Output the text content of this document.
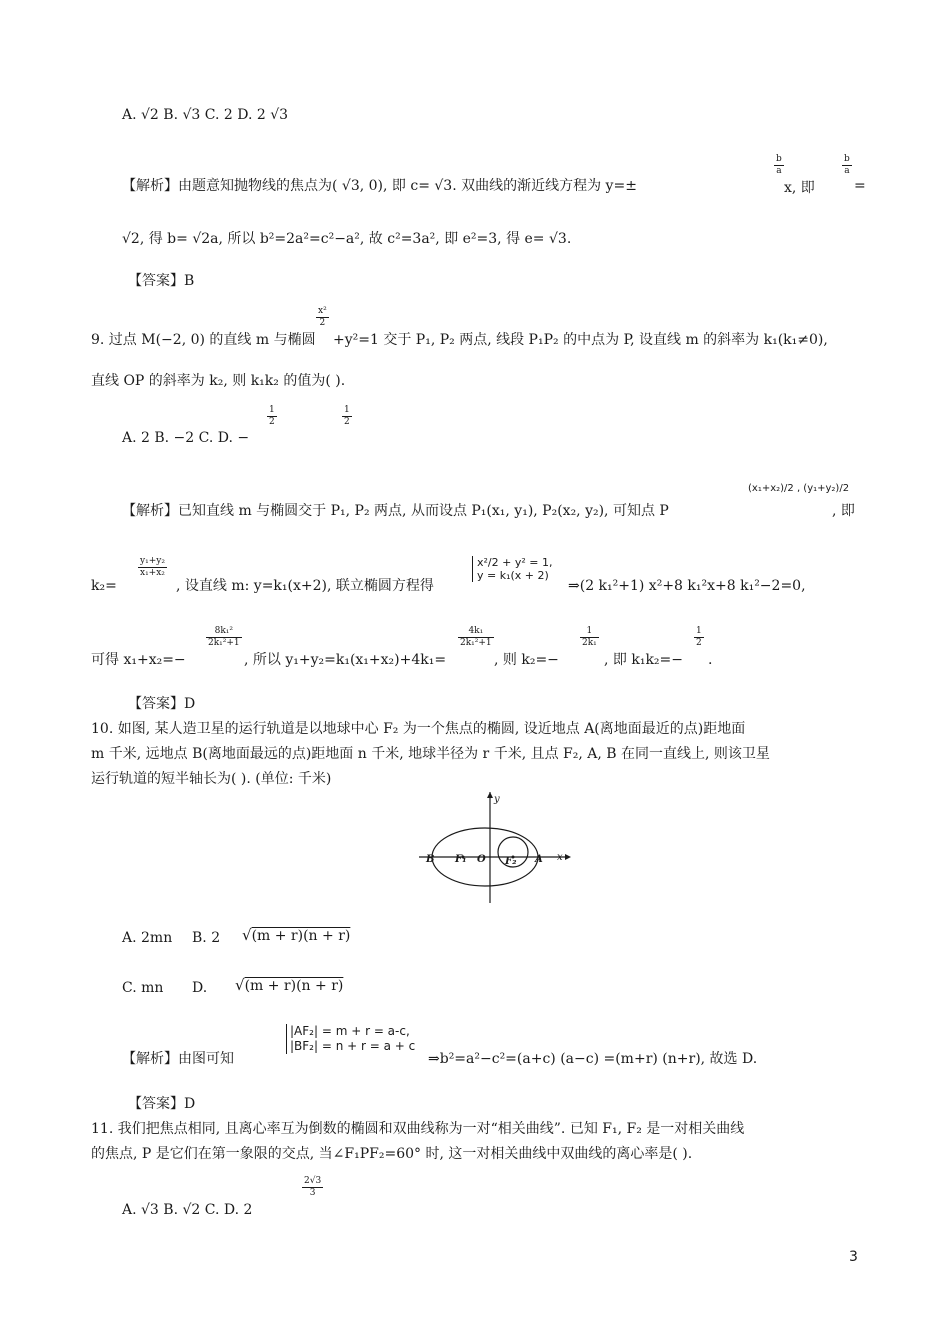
A. √2 B. √3 C. 2 D. 2 √3
【解析】由题意知抛物线的焦点为( √3, 0), 即 c= √3. 双曲线的渐近线方程为 y=±
$\frac{b}{a}$
x, 即
$\frac{b}{a}$
=
√2, 得 b= √2a, 所以 b²=2a²=c²−a², 故 c²=3a², 即 e²=3, 得 e= √3.
【答案】B
9. 过点 M(−2, 0) 的直线 m 与椭圆
$\frac{\text{x²}}{2}$
+y²=1 交于 P₁, P₂ 两点, 线段 P₁P₂ 的中点为 P, 设直线 m 的斜率为 k₁(k₁≠0),
直线 OP 的斜率为 k₂, 则 k₁k₂ 的值为( ).
A. 2 B. −2 C. D. −
$\frac{1}{2}$	$\frac{1}{2}$
【解析】已知直线 m 与椭圆交于 P₁, P₂ 两点, 从而设点 P₁(x₁, y₁), P₂(x₂, y₂), 可知点 P
(x₁+x₂)/2 , (y₁+y₂)/2
, 即
k₂=
$\frac{\text{y₁+y₂}}{\text{x₁+x₂}}$
, 设直线 m: y=k₁(x+2), 联立椭圆方程得
x²/2 + y² = 1,
y = k₁(x + 2)
⇒(2 k₁²+1) x²+8 k₁²x+8 k₁²−2=0,
可得 x₁+x₂=−
$\frac{\text{8k₁²}}{\text{2k₁²+1}}$
, 所以 y₁+y₂=k₁(x₁+x₂)+4k₁=
$\frac{\text{4k₁}}{\text{2k₁²+1}}$
, 则 k₂=−
$\frac{1}{\text{2k₁}}$
, 即 k₁k₂=−
$\frac{1}{2}$
.
【答案】D
10. 如图, 某人造卫星的运行轨道是以地球中心 F₂ 为一个焦点的椭圆, 设近地点 A(离地面最近的点)距地面
m 千米, 远地点 B(离地面最远的点)距地面 n 千米, 地球半径为 r 千米, 且点 F₂, A, B 在同一直线上, 则该卫星
运行轨道的短半轴长为( ). (单位: 千米)
y
x
B F₁ O F₂ A
A. 2mn B. 2 √(m + r)(n + r)
C. mn D. √(m + r)(n + r)
【解析】由图可知
|AF₂| = m + r = a-c,
|BF₂| = n + r = a + c
⇒b²=a²−c²=(a+c) (a−c) =(m+r) (n+r), 故选 D.
【答案】D
11. 我们把焦点相同, 且离心率互为倒数的椭圆和双曲线称为一对“相关曲线”. 已知 F₁, F₂ 是一对相关曲线
的焦点, P 是它们在第一象限的交点, 当∠F₁PF₂=60° 时, 这一对相关曲线中双曲线的离心率是( ).
A. √3 B. √2 C. D. 2
$\frac{2√3}{3}$
3
